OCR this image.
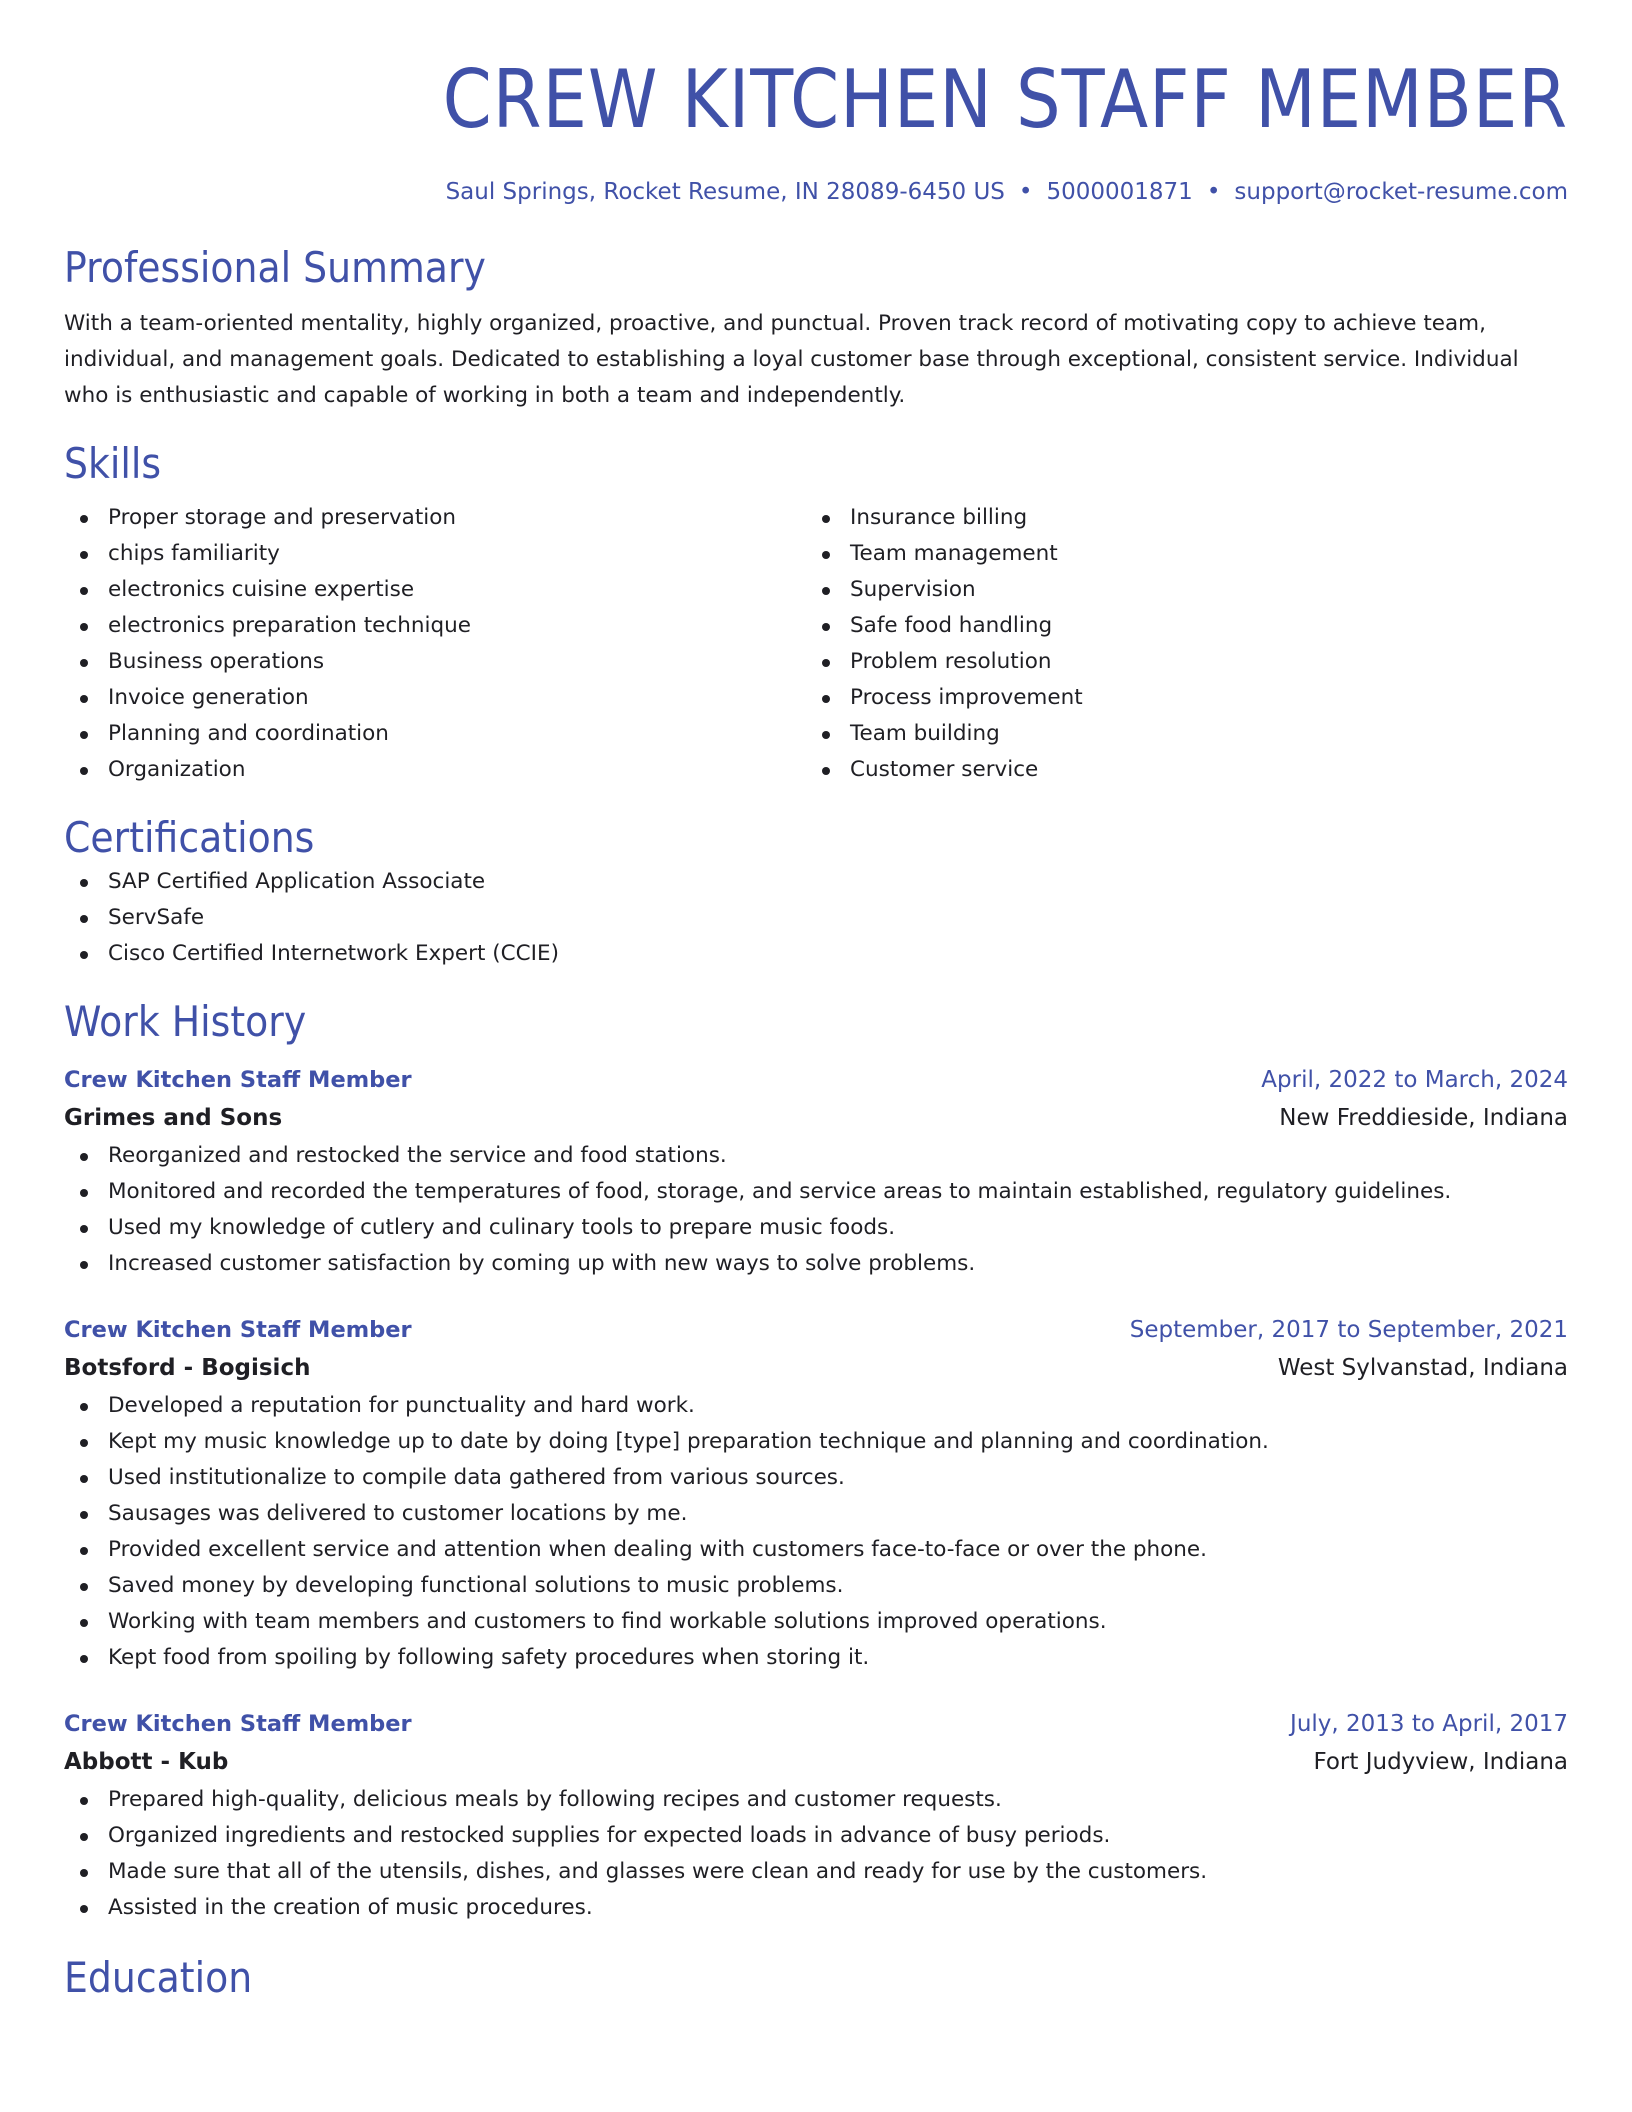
CREW KITCHEN STAFF MEMBER
Saul Springs, Rocket Resume, IN 28089-6450 US • 5000001871 • support@rocket-resume.com
Professional Summary
With a team-oriented mentality, highly organized, proactive, and punctual. Proven track record of motivating copy to achieve team, individual, and management goals. Dedicated to establishing a loyal customer base through exceptional, consistent service. Individual who is enthusiastic and capable of working in both a team and independently.
Skills
Proper storage and preservation
chips familiarity
electronics cuisine expertise
electronics preparation technique
Business operations
Invoice generation
Planning and coordination
Organization
Insurance billing
Team management
Supervision
Safe food handling
Problem resolution
Process improvement
Team building
Customer service
Certifications
SAP Certified Application Associate
ServSafe
Cisco Certified Internetwork Expert (CCIE)
Work History
Crew Kitchen Staff Member	April, 2022 to March, 2024
Grimes and Sons	New Freddieside, Indiana
Reorganized and restocked the service and food stations.
Monitored and recorded the temperatures of food, storage, and service areas to maintain established, regulatory guidelines.
Used my knowledge of cutlery and culinary tools to prepare music foods.
Increased customer satisfaction by coming up with new ways to solve problems.
Crew Kitchen Staff Member	September, 2017 to September, 2021
Botsford - Bogisich	West Sylvanstad, Indiana
Developed a reputation for punctuality and hard work.
Kept my music knowledge up to date by doing [type] preparation technique and planning and coordination.
Used institutionalize to compile data gathered from various sources.
Sausages was delivered to customer locations by me.
Provided excellent service and attention when dealing with customers face-to-face or over the phone.
Saved money by developing functional solutions to music problems.
Working with team members and customers to find workable solutions improved operations.
Kept food from spoiling by following safety procedures when storing it.
Crew Kitchen Staff Member	July, 2013 to April, 2017
Abbott - Kub	Fort Judyview, Indiana
Prepared high-quality, delicious meals by following recipes and customer requests.
Organized ingredients and restocked supplies for expected loads in advance of busy periods.
Made sure that all of the utensils, dishes, and glasses were clean and ready for use by the customers.
Assisted in the creation of music procedures.
Education
